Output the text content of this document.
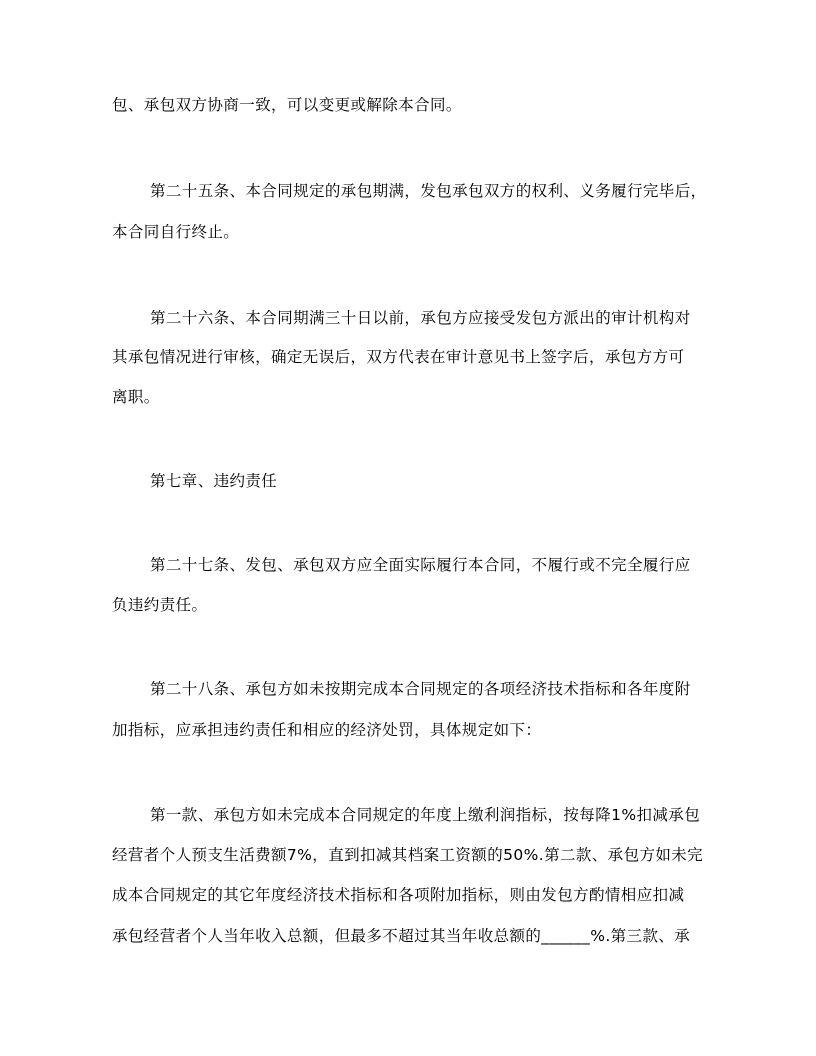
包、承包双方协商一致，可以变更或解除本合同。
第二十五条、本合同规定的承包期满，发包承包双方的权利、义务履行完毕后，
本合同自行终止。
第二十六条、本合同期满三十日以前，承包方应接受发包方派出的审计机构对
其承包情况进行审核，确定无误后，双方代表在审计意见书上签字后，承包方方可
离职。
第七章、违约责任
第二十七条、发包、承包双方应全面实际履行本合同，不履行或不完全履行应
负违约责任。
第二十八条、承包方如未按期完成本合同规定的各项经济技术指标和各年度附
加指标，应承担违约责任和相应的经济处罚，具体规定如下：
第一款、承包方如未完成本合同规定的年度上缴利润指标，按每降1%扣减承包
经营者个人预支生活费额7%，直到扣减其档案工资额的50%.第二款、承包方如未完
成本合同规定的其它年度经济技术指标和各项附加指标，则由发包方酌情相应扣减
承包经营者个人当年收入总额，但最多不超过其当年收总额的______%.第三款、承
